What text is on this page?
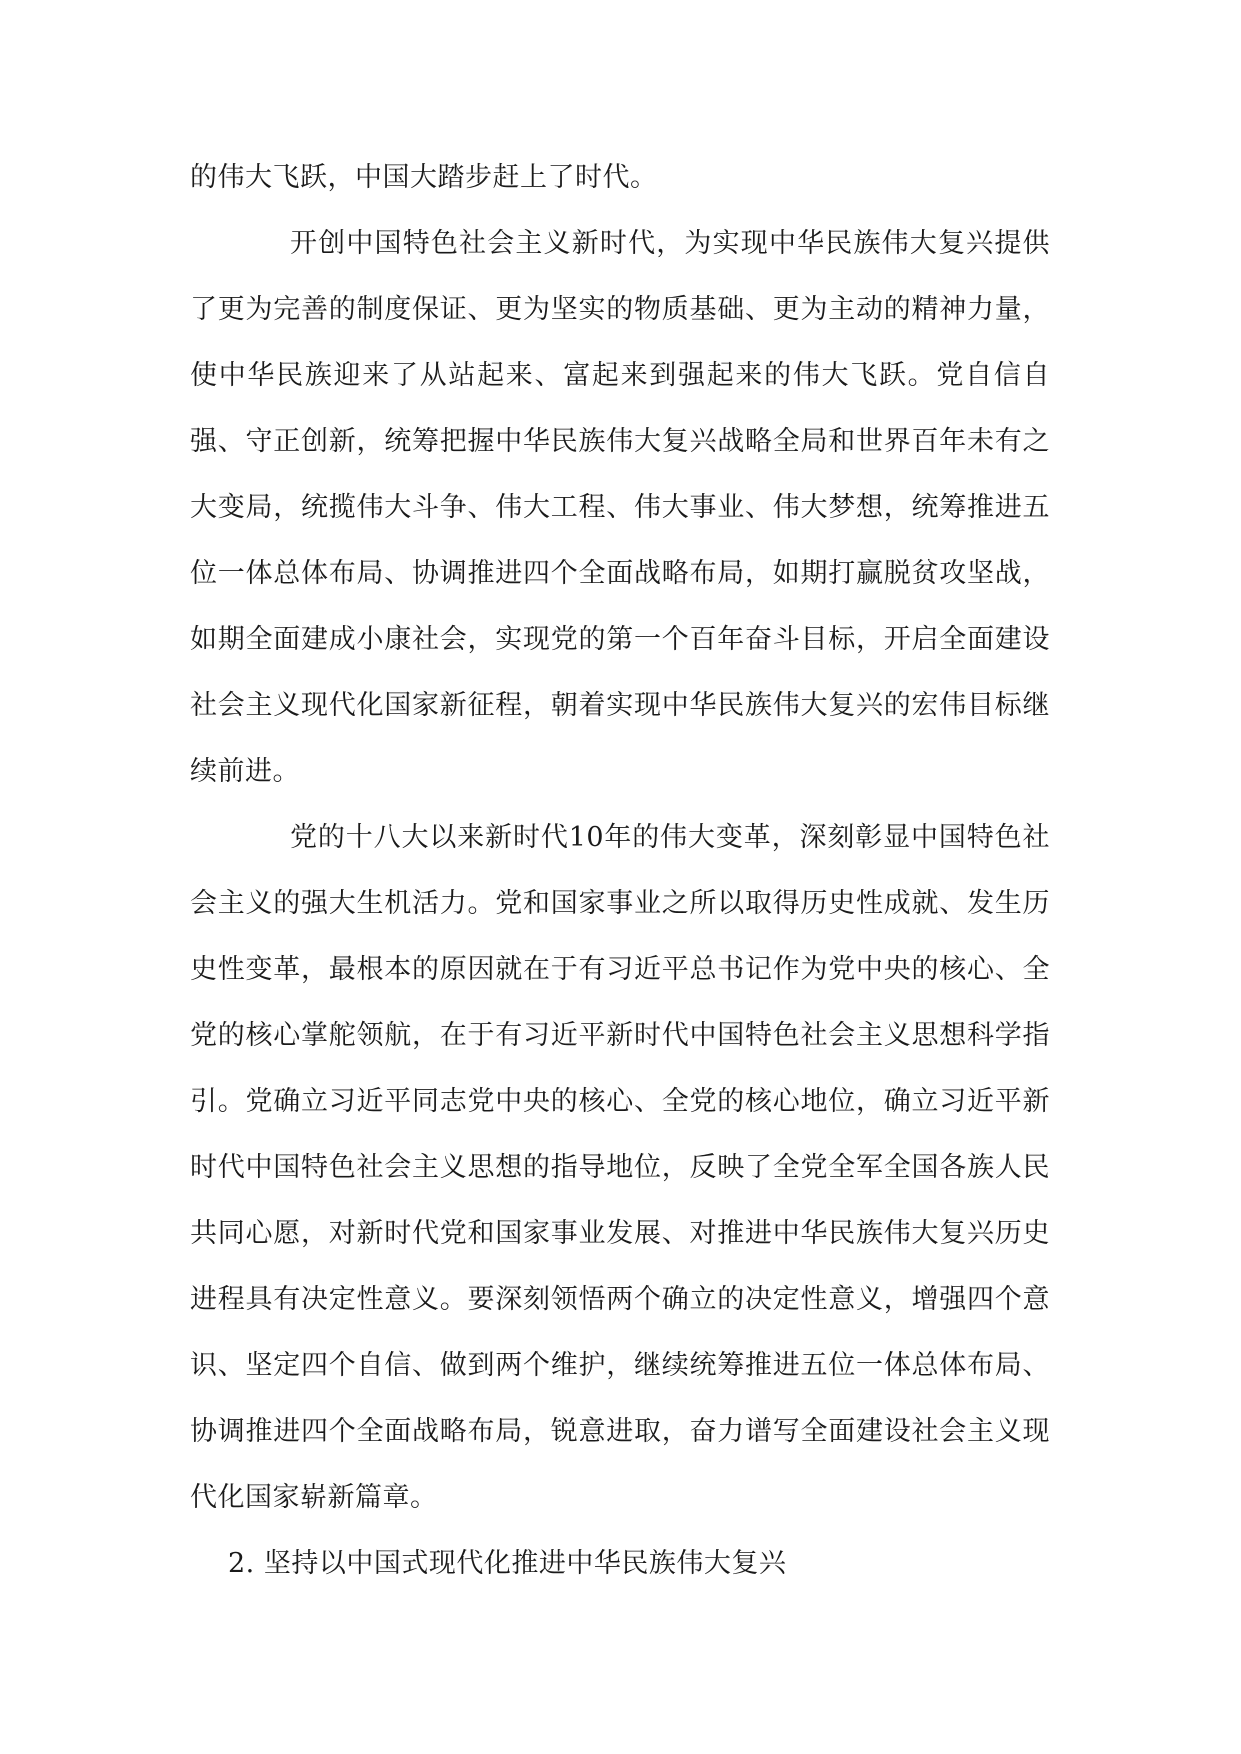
的伟大飞跃，中国大踏步赶上了时代。

开创中国特色社会主义新时代，为实现中华民族伟大复兴提供了更为完善的制度保证、更为坚实的物质基础、更为主动的精神力量，使中华民族迎来了从站起来、富起来到强起来的伟大飞跃。党自信自强、守正创新，统筹把握中华民族伟大复兴战略全局和世界百年未有之大变局，统揽伟大斗争、伟大工程、伟大事业、伟大梦想，统筹推进五位一体总体布局、协调推进四个全面战略布局，如期打赢脱贫攻坚战，如期全面建成小康社会，实现党的第一个百年奋斗目标，开启全面建设社会主义现代化国家新征程，朝着实现中华民族伟大复兴的宏伟目标继续前进。

党的十八大以来新时代10年的伟大变革，深刻彰显中国特色社会主义的强大生机活力。党和国家事业之所以取得历史性成就、发生历史性变革，最根本的原因就在于有习近平总书记作为党中央的核心、全党的核心掌舵领航，在于有习近平新时代中国特色社会主义思想科学指引。党确立习近平同志党中央的核心、全党的核心地位，确立习近平新时代中国特色社会主义思想的指导地位，反映了全党全军全国各族人民共同心愿，对新时代党和国家事业发展、对推进中华民族伟大复兴历史进程具有决定性意义。要深刻领悟两个确立的决定性意义，增强四个意识、坚定四个自信、做到两个维护，继续统筹推进五位一体总体布局、协调推进四个全面战略布局，锐意进取，奋力谱写全面建设社会主义现代化国家崭新篇章。

2. 坚持以中国式现代化推进中华民族伟大复兴
